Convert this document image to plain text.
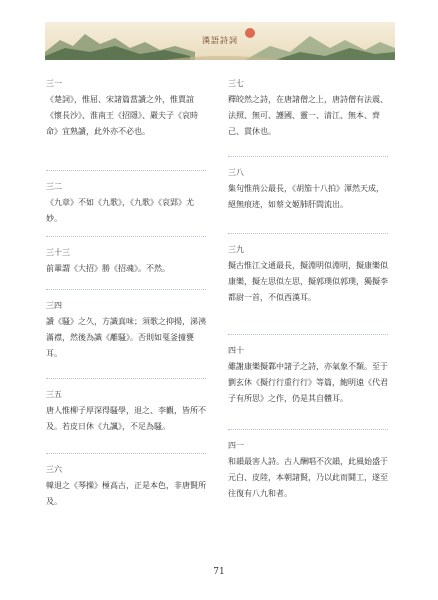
漢語詩詞
三一
《楚詞》，惟屈、宋諸篇當讀之外，惟賈誼《懷長沙》、淮南王《招隱》、嚴夫子《哀時命》宜熟讀，此外亦不必也。
三二
《九章》不如《九歌》，《九歌》《哀郢》尤妙。
三十三
前輩謂《大招》勝《招魂》。不然。
三四
讀《騷》之久，方識真味；須歌之抑揚，涕洟滿襟，然後為識《離騷》。否則如戛釜撞甕耳。
三五
唐人惟柳子厚深得騷學，退之、李觀，皆所不及。若皮日休《九諷》，不足為騷。
三六
韓退之《琴操》極高古，正是本色，非唐賢所及。
三七
釋皎然之詩，在唐諸僧之上，唐詩僧有法震、法照、無可、護國、靈一、清江、無本、齊己、貫休也。
三八
集句惟荊公最長，《胡笳十八拍》渾然天成，絕無痕迹，如蔡文姬肺肝間流出。
三九
擬古惟江文通最長，擬淵明似淵明，擬康樂似康樂，擬左思似左思，擬郭璞似郭璞，獨擬李都尉一首，不似西漢耳。
四十
雖謝康樂擬鄴中諸子之詩，亦氣象不類。至于劉玄休《擬行行重行行》等篇，鮑明遠《代君子有所思》之作，仍是其自體耳。
四一
和韻最害人詩。古人酬唱不次韻，此風始盛于元白、皮陸，本朝諸賢，乃以此而鬪工，遂至往復有八九和者。
71
